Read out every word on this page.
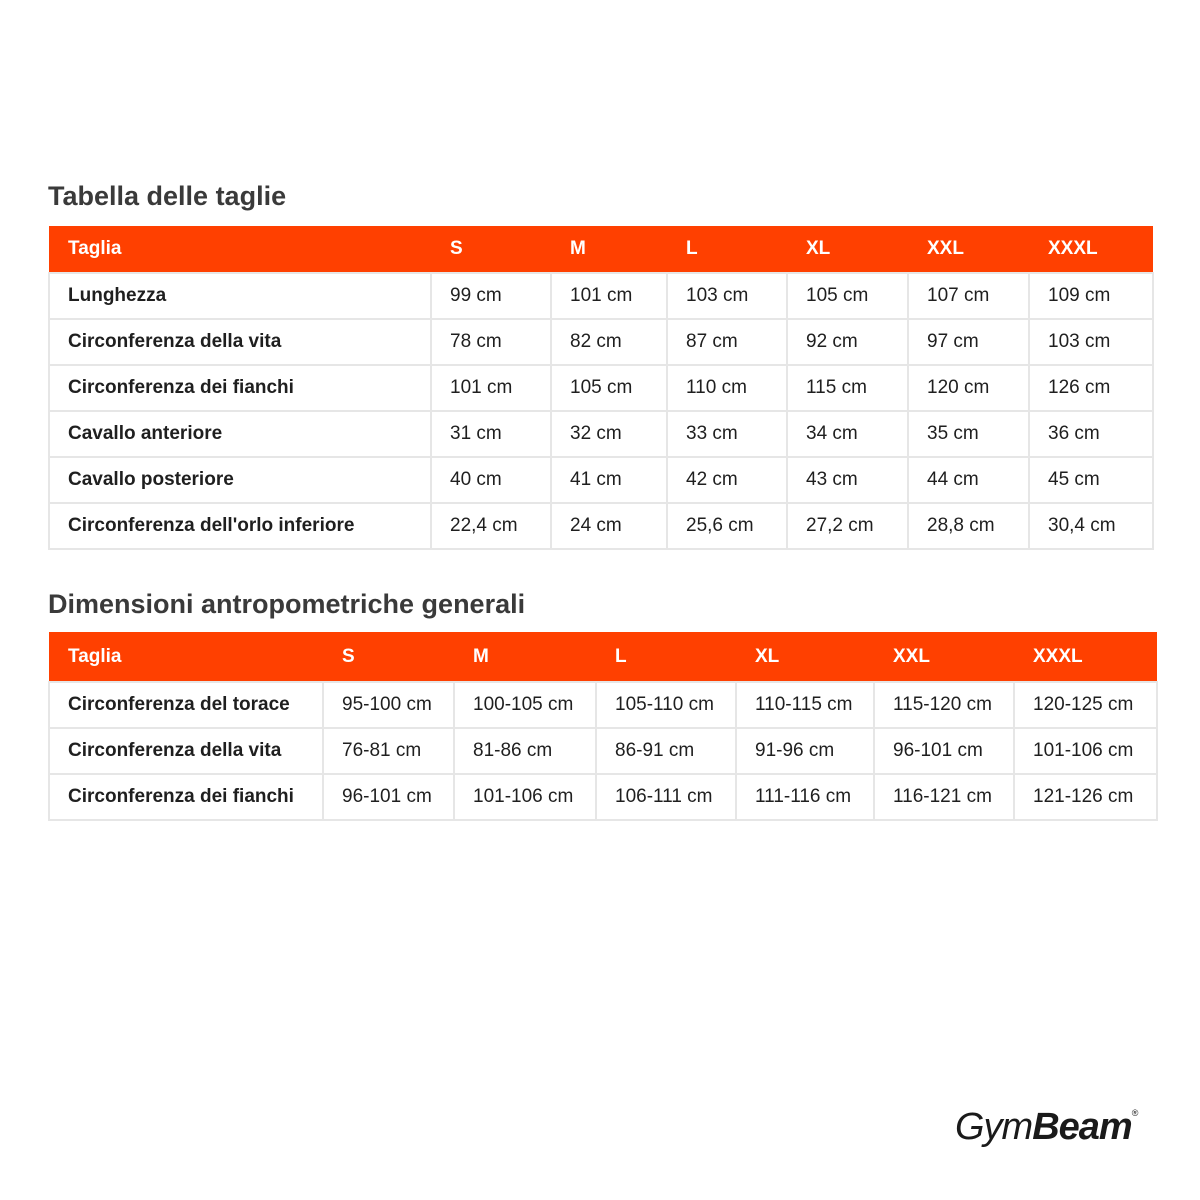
Tabella delle taglie
Taglia	S	M	L	XL	XXL	XXXL
Lunghezza	99 cm	101 cm	103 cm	105 cm	107 cm	109 cm
Circonferenza della vita	78 cm	82 cm	87 cm	92 cm	97 cm	103 cm
Circonferenza dei fianchi	101 cm	105 cm	110 cm	115 cm	120 cm	126 cm
Cavallo anteriore	31 cm	32 cm	33 cm	34 cm	35 cm	36 cm
Cavallo posteriore	40 cm	41 cm	42 cm	43 cm	44 cm	45 cm
Circonferenza dell'orlo inferiore	22,4 cm	24 cm	25,6 cm	27,2 cm	28,8 cm	30,4 cm
Dimensioni antropometriche generali
Taglia	S	M	L	XL	XXL	XXXL
Circonferenza del torace	95-100 cm	100-105 cm	105-110 cm	110-115 cm	115-120 cm	120-125 cm
Circonferenza della vita	76-81 cm	81-86 cm	86-91 cm	91-96 cm	96-101 cm	101-106 cm
Circonferenza dei fianchi	96-101 cm	101-106 cm	106-111 cm	111-116 cm	116-121 cm	121-126 cm
GymBeam®
